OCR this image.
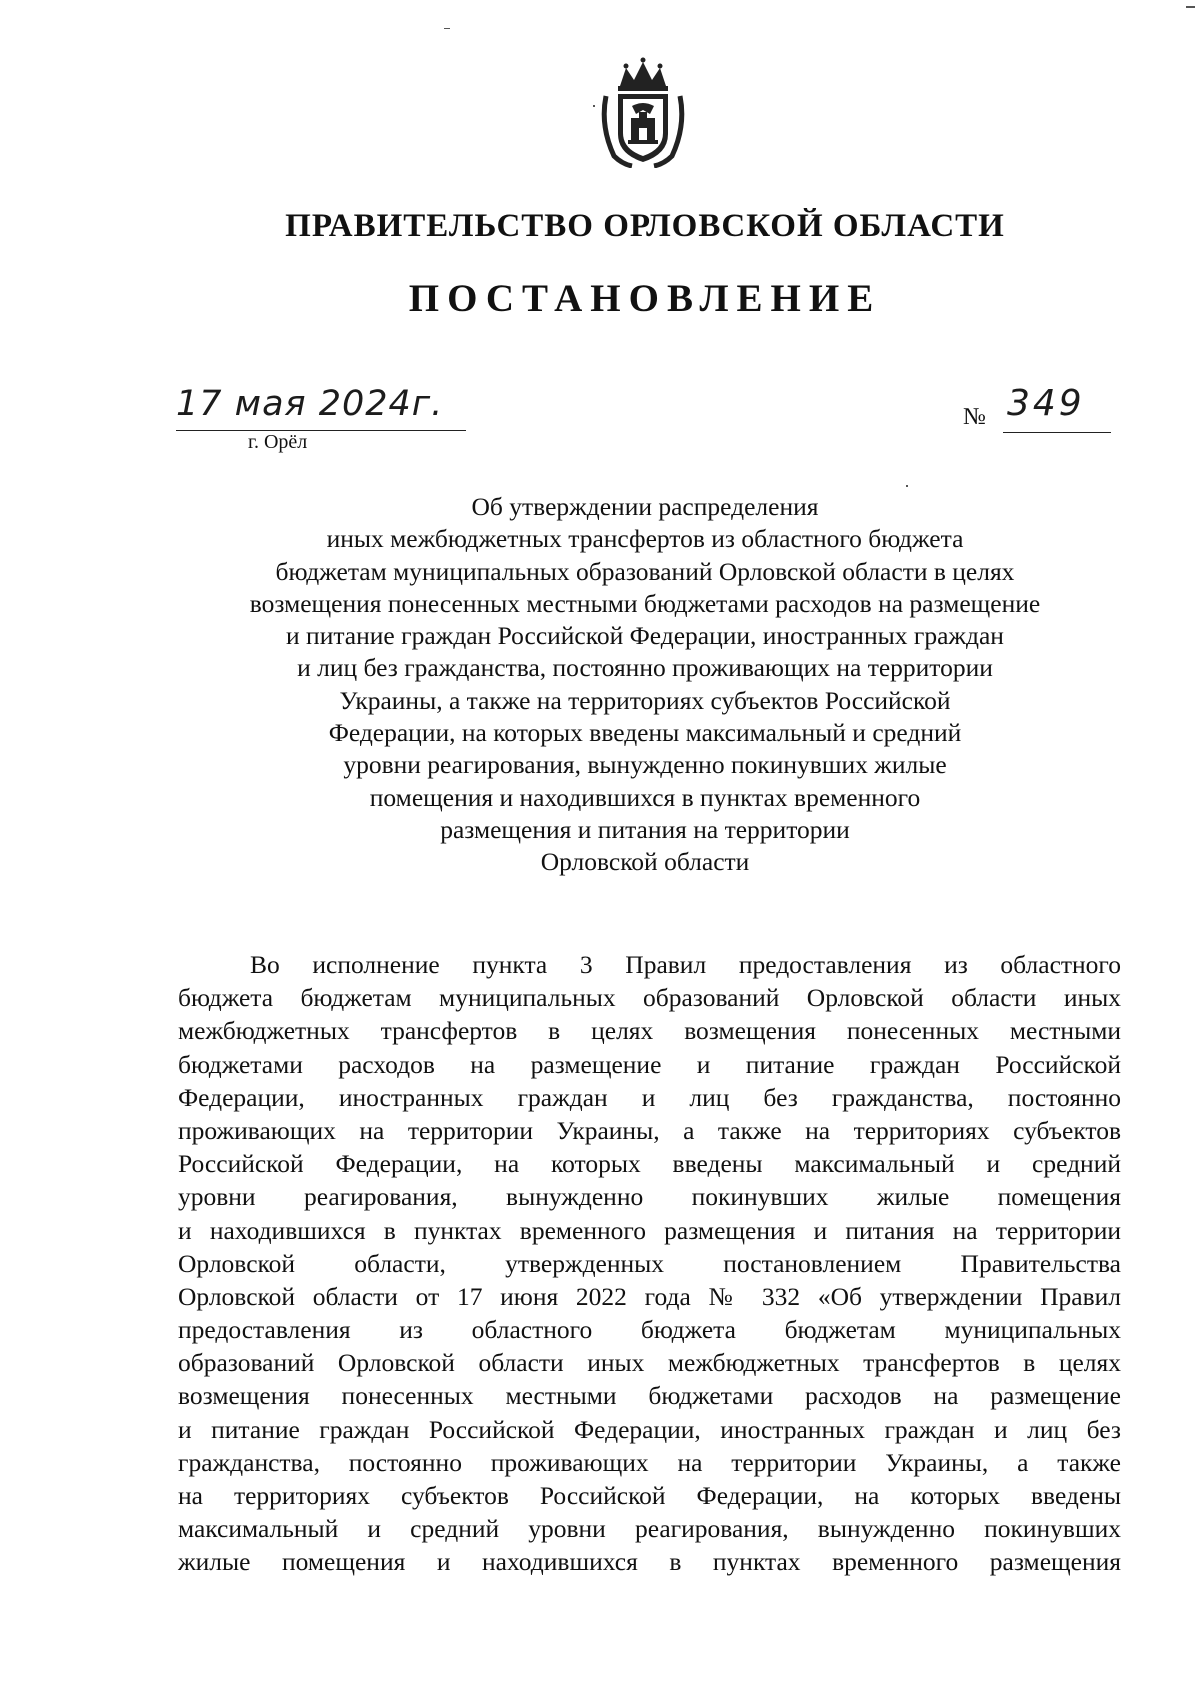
ПРАВИТЕЛЬСТВО ОРЛОВСКОЙ ОБЛАСТИ
ПОСТАНОВЛЕНИЕ
17 мая 2024г.
г. Орёл
№ 349
Об утверждении распределения
иных межбюджетных трансфертов из областного бюджета
бюджетам муниципальных образований Орловской области в целях
возмещения понесенных местными бюджетами расходов на размещение
и питание граждан Российской Федерации, иностранных граждан
и лиц без гражданства, постоянно проживающих на территории
Украины, а также на территориях субъектов Российской
Федерации, на которых введены максимальный и средний
уровни реагирования, вынужденно покинувших жилые
помещения и находившихся в пунктах временного
размещения и питания на территории
Орловской области
Во исполнение пункта 3 Правил предоставления из областного
бюджета бюджетам муниципальных образований Орловской области иных
межбюджетных трансфертов в целях возмещения понесенных местными
бюджетами расходов на размещение и питание граждан Российской
Федерации, иностранных граждан и лиц без гражданства, постоянно
проживающих на территории Украины, а также на территориях субъектов
Российской Федерации, на которых введены максимальный и средний
уровни реагирования, вынужденно покинувших жилые помещения
и находившихся в пунктах временного размещения и питания на территории
Орловской области, утвержденных постановлением Правительства
Орловской области от 17 июня 2022 года № 332 «Об утверждении Правил
предоставления из областного бюджета бюджетам муниципальных
образований Орловской области иных межбюджетных трансфертов в целях
возмещения понесенных местными бюджетами расходов на размещение
и питание граждан Российской Федерации, иностранных граждан и лиц без
гражданства, постоянно проживающих на территории Украины, а также
на территориях субъектов Российской Федерации, на которых введены
максимальный и средний уровни реагирования, вынужденно покинувших
жилые помещения и находившихся в пунктах временного размещения
